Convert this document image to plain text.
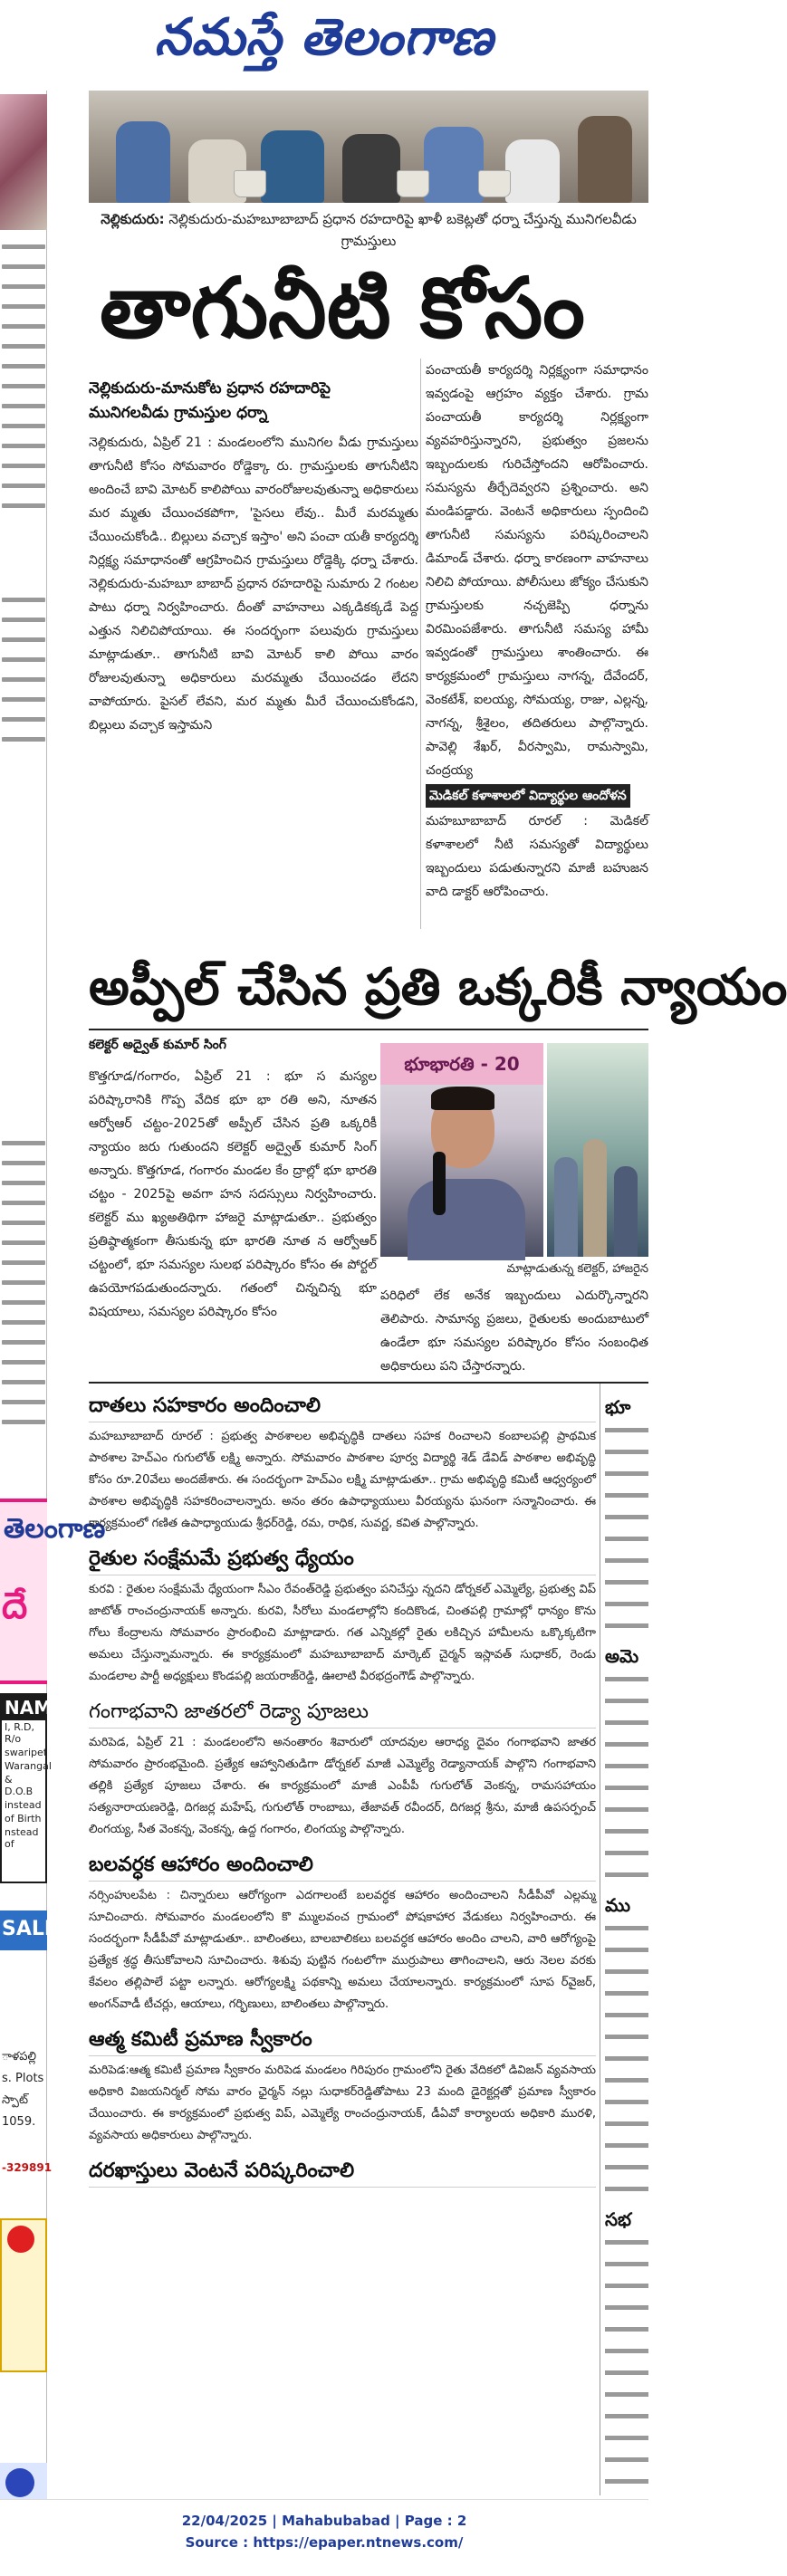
నమస్తే తెలంగాణ
తెలంగాణ
దే
NAME
I, R.D, R/o
swaripet
Warangal
& D.O.B
instead
of Birth
nstead of
SALE
ాళపల్లి s. Plots స్పాట్ 1059.
-329891
నెల్లికుదురు: నెల్లికుదురు-మహబూబాబాద్ ప్రధాన రహదారిపై ఖాళీ బకెట్లతో ధర్నా చేస్తున్న మునిగలవీడు గ్రామస్తులు
తాగునీటి కోసం
నెల్లికుదురు-మానుకోట ప్రధాన రహదారిపై మునిగలవీడు గ్రామస్తుల ధర్నా
నెల్లికుదురు, ఏప్రిల్ 21 : మండలంలోని మునిగల వీడు గ్రామస్తులు తాగునీటి కోసం సోమవారం రోడ్డెక్కా రు. గ్రామస్తులకు తాగునీటిని అందించే బావి మోటర్ కాలిపోయి వారంరోజులవుతున్నా అధికారులు మర మ్మతు చేయించకపోగా, 'పైసలు లేవు.. మీరే మరమ్మతు చేయించుకోండి.. బిల్లులు వచ్చాక ఇస్తాం' అని పంచా యతీ కార్యదర్శి నిర్లక్ష్య సమాధానంతో ఆగ్రహించిన గ్రామస్తులు రోడ్డెక్కి ధర్నా చేశారు. నెల్లికుదురు-మహబూ బాబాద్ ప్రధాన రహదారిపై సుమారు 2 గంటల పాటు ధర్నా నిర్వహించారు. దీంతో వాహనాలు ఎక్కడికక్కడే పెద్ద ఎత్తున నిలిచిపోయాయి. ఈ సందర్భంగా పలువురు గ్రామస్తులు మాట్లాడుతూ.. తాగునీటి బావి మోటర్ కాలి పోయి వారం రోజులవుతున్నా అధికారులు మరమ్మతు చేయించడం లేదని వాపోయారు. పైసల్ లేవని, మర మ్మతు మీరే చేయించుకోండని, బిల్లులు వచ్చాక ఇస్తామని
పంచాయతీ కార్యదర్శి నిర్లక్ష్యంగా సమాధానం ఇవ్వడంపై ఆగ్రహం వ్యక్తం చేశారు. గ్రామ పంచాయతీ కార్యదర్శి నిర్లక్ష్యంగా వ్యవహరిస్తున్నారని, ప్రభుత్వం ప్రజలను ఇబ్బందులకు గురిచేస్తోందని ఆరోపించారు. సమస్యను తీర్చేదెవ్వరని ప్రశ్నించారు. అని మండిపడ్డారు. వెంటనే అధికారులు స్పందించి తాగునీటి సమస్యను పరిష్కరించాలని డిమాండ్ చేశారు. ధర్నా కారణంగా వాహనాలు నిలిచి పోయాయి. పోలీసులు జోక్యం చేసుకుని గ్రామస్తులకు నచ్చజెప్పి ధర్నాను విరమింపజేశారు. తాగునీటి సమస్య హామీ ఇవ్వడంతో గ్రామస్తులు శాంతించారు. ఈ కార్యక్రమంలో గ్రామస్తులు నాగన్న, దేవేందర్, వెంకటేశ్, ఐలయ్య, సోమయ్య, రాజు, ఎల్లన్న, నాగన్న, శ్రీశైలం, తదితరులు పాల్గొన్నారు. పావెల్లి శేఖర్, వీరస్వామి, రామస్వామి, చంద్రయ్య మెడికల్ కళాశాలలో విద్యార్థుల ఆందోళన మహబూబాబాద్ రూరల్ : మెడికల్ కళాశాలలో నీటి సమస్యతో విద్యార్థులు ఇబ్బందులు పడుతున్నారని మాజీ బహుజన వాది డాక్టర్ ఆరోపించారు.
అప్పీల్ చేసిన ప్రతి ఒక్కరికీ న్యాయం
కలెక్టర్ అద్వైత్ కుమార్ సింగ్
కొత్తగూడ/గంగారం, ఏప్రిల్ 21 : భూ స మస్యల పరిష్కారానికి గొప్ప వేదిక భూ భా రతి అని, నూతన ఆర్వోఆర్ చట్టం-2025తో అప్పీల్ చేసిన ప్రతి ఒక్కరికీ న్యాయం జరు గుతుందని కలెక్టర్ అద్వైత్ కుమార్ సింగ్ అన్నారు. కొత్తగూడ, గంగారం మండల కేం ద్రాల్లో భూ భారతి చట్టం - 2025పై అవగా హన సదస్సులు నిర్వహించారు. కలెక్టర్ ము ఖ్యఅతిథిగా హాజరై మాట్లాడుతూ.. ప్రభుత్వం ప్రతిష్ఠాత్మకంగా తీసుకున్న భూ భారతి నూత న ఆర్వోఆర్ చట్టంలో, భూ సమస్యల సులభ పరిష్కారం కోసం ఈ పోర్టల్ ఉపయోగపడుతుందన్నారు. గతంలో చిన్నచిన్న భూ విషయాలు, సమస్యల పరిష్కారం కోసం
భూభారతి - 20
మాట్లాడుతున్న కలెక్టర్, హాజరైన
పరిధిలో లేక అనేక ఇబ్బందులు ఎదుర్కొన్నారని తెలిపారు. సామాన్య ప్రజలు, రైతులకు అందుబాటులో ఉండేలా భూ సమస్యల పరిష్కారం కోసం సంబంధిత అధికారులు పని చేస్తారన్నారు.
దాతలు సహకారం అందించాలి

మహబూబాబాద్ రూరల్ : ప్రభుత్వ పాఠశాలల అభివృద్ధికి దాతలు సహక రించాలని కంబాలపల్లి ప్రాథమిక పాఠశాల హెచ్‌ఎం గుగులోత్ లక్ష్మి అన్నారు. సోమవారం పాఠశాల పూర్వ విద్యార్థి శెడ్ డేవిడ్ పాఠశాల అభివృద్ధి కోసం రూ.20వేలు అందజేశారు. ఈ సందర్భంగా హెచ్‌ఎం లక్ష్మి మాట్లాడుతూ.. గ్రామ అభివృద్ధి కమిటీ ఆధ్వర్యంలో పాఠశాల అభివృద్ధికి సహకరించాలన్నారు. అనం తరం ఉపాధ్యాయులు వీరయ్యను ఘనంగా సన్మానించారు. ఈ కార్యక్రమంలో గణిత ఉపాధ్యాయుడు శ్రీధర్‌రెడ్డి, రమ, రాధిక, సువర్ణ, కవిత పాల్గొన్నారు.

రైతుల సంక్షేమమే ప్రభుత్వ ధ్యేయం

కురవి : రైతుల సంక్షేమమే ధ్యేయంగా సీఎం రేవంత్‌రెడ్డి ప్రభుత్వం పనిచేస్తు న్నదని డోర్నకల్ ఎమ్మెల్యే, ప్రభుత్వ విప్ జాటోత్ రాంచంద్రునాయక్ అన్నారు. కురవి, సీరోలు మండలాల్లోని కందికొండ, చింతపల్లి గ్రామాల్లో ధాన్యం కొను గోలు కేంద్రాలను సోమవారం ప్రారంభించి మాట్లాడారు. గత ఎన్నికల్లో రైతు లకిచ్చిన హామీలను ఒక్కొక్కటిగా అమలు చేస్తున్నామన్నారు. ఈ కార్యక్రమంలో మహబూబాబాద్ మార్కెట్ చైర్మన్ ఇస్లావత్ సుధాకర్, రెండు మండలాల పార్టీ అధ్యక్షులు కొండపల్లి జయరాజ్‌రెడ్డి, ఊలాటి వీరభద్రంగౌడ్ పాల్గొన్నారు.

గంగాభవాని జాతరలో రెడ్యా పూజలు

మరిపెడ, ఏప్రిల్ 21 : మండలంలోని అనంతారం శివారులో యాదవుల ఆరాధ్య దైవం గంగాభవాని జాతర సోమవారం ప్రారంభమైంది. ప్రత్యేక ఆహ్వానితుడిగా డోర్నకల్ మాజీ ఎమ్మెల్యే రెడ్యానాయక్ పాల్గొని గంగాభవాని తల్లికి ప్రత్యేక పూజలు చేశారు. ఈ కార్యక్రమంలో మాజీ ఎంపీపీ గుగులోత్ వెంకన్న, రామసహాయం సత్యనారాయణరెడ్డి, దిగజర్ల మహేష్, గుగులోత్ రాంబాబు, తేజావత్ రవీందర్, దిగజర్ల శ్రీను, మాజీ ఉపసర్పంచ్ లింగయ్య, సీత వెంకన్న, వెంకన్న, ఉద్ద గంగారం, లింగయ్య పాల్గొన్నారు.

బలవర్ధక ఆహారం అందించాలి

నర్సింహులపేట : చిన్నారులు ఆరోగ్యంగా ఎదగాలంటే బలవర్ధక ఆహారం అందించాలని సీడీపీవో ఎల్లమ్మ సూచించారు. సోమవారం మండలంలోని కొ మ్ములవంచ గ్రామంలో పోషకాహార వేడుకలు నిర్వహించారు. ఈ సందర్భంగా సీడీపీవో మాట్లాడుతూ.. బాలింతలు, బాలబాలికలు బలవర్ధక ఆహారం అందిం చాలని, వారి ఆరోగ్యంపై ప్రత్యేక శ్రద్ధ తీసుకోవాలని సూచించారు. శిశువు పుట్టిన గంటలోగా ముర్రుపాలు తాగించాలని, ఆరు నెలల వరకు కేవలం తల్లిపాలే పట్టా లన్నారు. ఆరోగ్యలక్ష్మి పథకాన్ని అమలు చేయాలన్నారు. కార్యక్రమంలో సూప ర్‌వైజర్, అంగన్‌వాడీ టీచర్లు, ఆయాలు, గర్భిణులు, బాలింతలు పాల్గొన్నారు.

ఆత్మ కమిటీ ప్రమాణ స్వీకారం

మరిపెడ:ఆత్మ కమిటీ ప్రమాణ స్వీకారం మరిపెడ మండలం గిరిపురం గ్రామంలోని రైతు వేదికలో డివిజన్ వ్యవసాయ అధికారి విజయనిర్మల్ సోమ వారం ఛైర్మన్ నల్లు సుధాకర్‌రెడ్డితోపాటు 23 మంది డైరెక్టర్లతో ప్రమాణ స్వీకారం చేయించారు. ఈ కార్యక్రమంలో ప్రభుత్వ విప్, ఎమ్మెల్యే రాంచంద్రునాయక్, డీఏవో కార్యాలయ అధికారి మురళి, వ్యవసాయ అధికారులు పాల్గొన్నారు.

దరఖాస్తులు వెంటనే పరిష్కరించాలి

భూ
అమె
ము
సభ
22/04/2025 | Mahabubabad | Page : 2
Source : https://epaper.ntnews.com/
